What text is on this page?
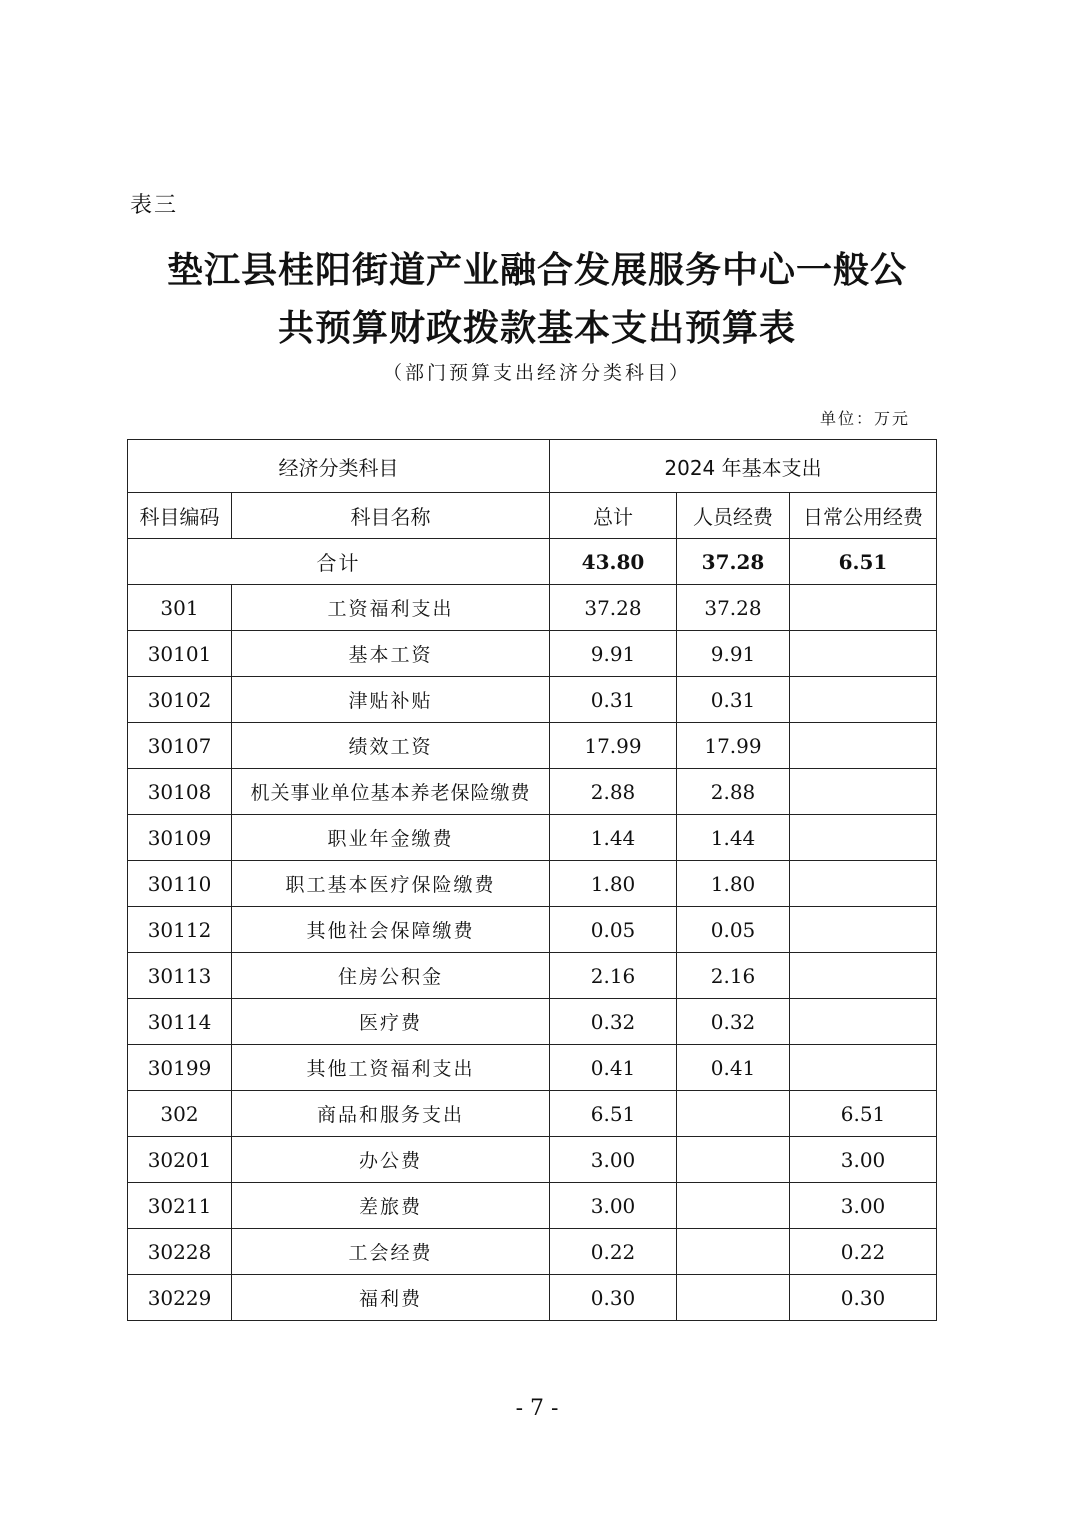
表三
垫江县桂阳街道产业融合发展服务中心一般公
共预算财政拨款基本支出预算表
（部门预算支出经济分类科目）
单位：万元
经济分类科目		2024 年基本支出		
科目编码	科目名称	总计	人员经费	日常公用经费
合计		43.80	37.28	6.51
301	工资福利支出	37.28	37.28	
30101	基本工资	9.91	9.91	
30102	津贴补贴	0.31	0.31	
30107	绩效工资	17.99	17.99	
30108	机关事业单位基本养老保险缴费	2.88	2.88	
30109	职业年金缴费	1.44	1.44	
30110	职工基本医疗保险缴费	1.80	1.80	
30112	其他社会保障缴费	0.05	0.05	
30113	住房公积金	2.16	2.16	
30114	医疗费	0.32	0.32	
30199	其他工资福利支出	0.41	0.41	
302	商品和服务支出	6.51		6.51
30201	办公费	3.00		3.00
30211	差旅费	3.00		3.00
30228	工会经费	0.22		0.22
30229	福利费	0.30		0.30
- 7 -
